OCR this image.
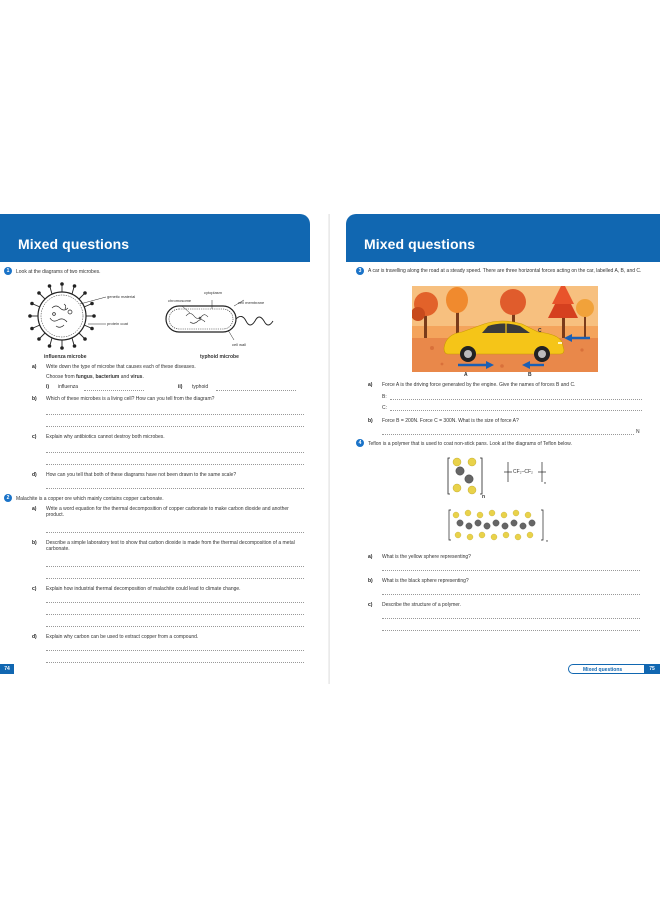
Mixed questions
1	Look at the diagrams of two microbes.
genetic material
protein coat
cytoplasm
chromosome	cell membrane
cell wall
influenza microbe	typhoid microbe
a) Write down the type of microbe that causes each of these diseases.
Choose from fungus, bacterium and virus.
i) influenza	ii) typhoid
b) Which of these microbes is a living cell? How can you tell from the diagram?
c) Explain why antibiotics cannot destroy both microbes.
d) How can you tell that both of these diagrams have not been drawn to the same scale?
2	Malachite is a copper ore which mainly contains copper carbonate.
a) Write a word equation for the thermal decomposition of copper carbonate to make carbon dioxide and another product.
b) Describe a simple laboratory test to show that carbon dioxide is made from the thermal decomposition of a metal carbonate.
c) Explain how industrial thermal decomposition of malachite could lead to climate change.
d) Explain why carbon can be used to extract copper from a compound.
74
Mixed questions
3	A car is travelling along the road at a steady speed. There are three horizontal forces acting on the car, labelled A, B, and C.
A	B
C
a) Force A is the driving force generated by the engine. Give the names of forces B and C.
B:
C:
b) Force B = 200N. Force C = 300N. What is the size of force A?
N
4	Teflon is a polymer that is used to coat non-stick pans. Look at the diagrams of Teflon below.
n
CF₂–CF₂
n
n
a) What is the yellow sphere representing?
b) What is the black sphere representing?
c) Describe the structure of a polymer.
Mixed questions	75
